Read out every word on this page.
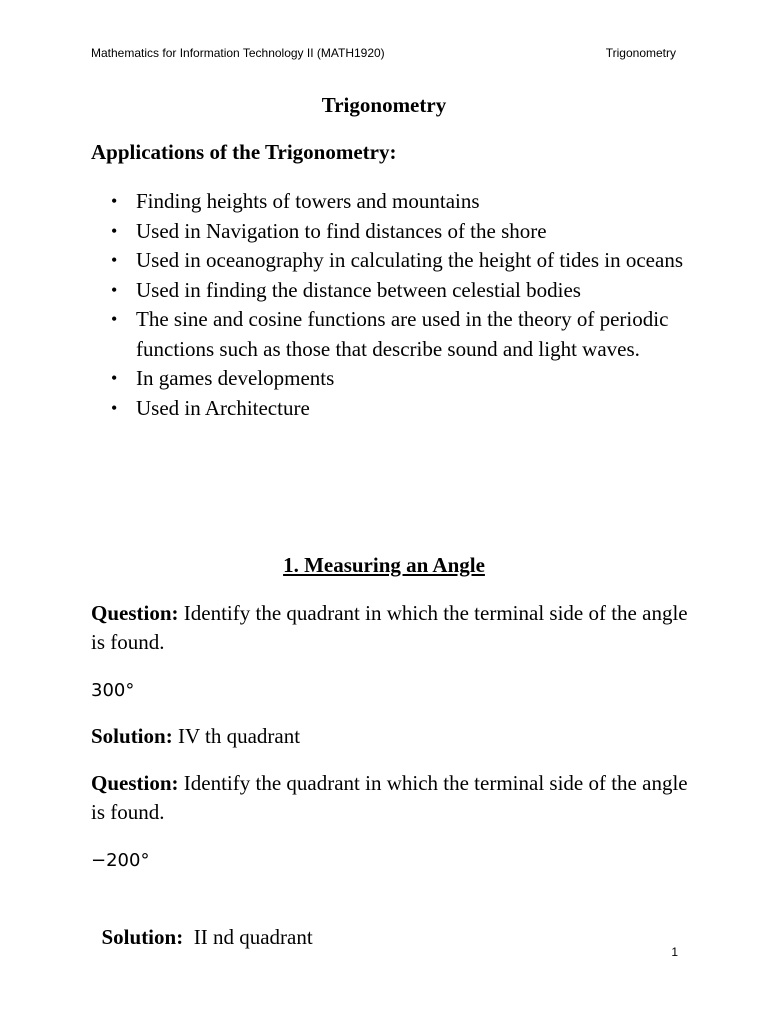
Mathematics for Information Technology II (MATH1920)	Trigonometry
Trigonometry
Applications of the Trigonometry:
• Finding heights of towers and mountains
• Used in Navigation to find distances of the shore
• Used in oceanography in calculating the height of tides in oceans
• Used in finding the distance between celestial bodies
• The sine and cosine functions are used in the theory of periodic functions such as those that describe sound and light waves.
• In games developments
• Used in Architecture
1. Measuring an Angle
Question: Identify the quadrant in which the terminal side of the angle is found.
300°
Solution: IV th quadrant
Question: Identify the quadrant in which the terminal side of the angle is found.
−200°

Solution:  II nd quadrant

1
